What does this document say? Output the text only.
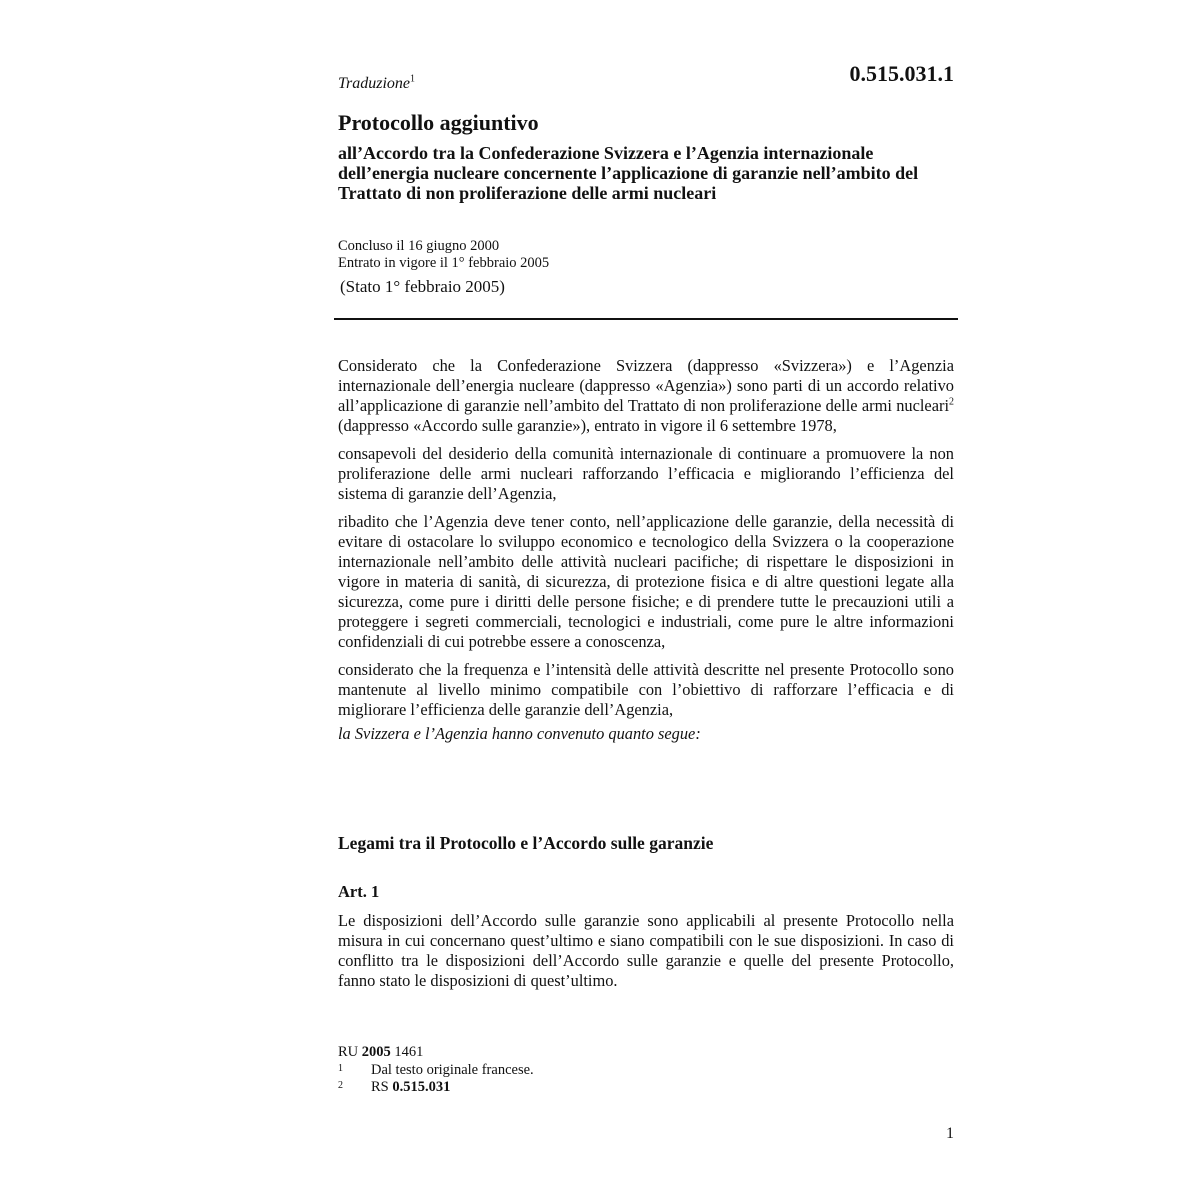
0.515.031.1
Traduzione$^1$
Protocollo aggiuntivo
all’Accordo tra la Confederazione Svizzera e l’Agenzia internazionale dell’energia nucleare concernente l’applicazione di garanzie nell’ambito del Trattato di non proliferazione delle armi nucleari
Concluso il 16 giugno 2000
Entrato in vigore il 1° febbraio 2005
(Stato 1° febbraio 2005)

Considerato che la Confederazione Svizzera (dappresso «Svizzera») e l’Agenzia internazionale dell’energia nucleare (dappresso «Agenzia») sono parti di un accordo relativo all’applicazione di garanzie nell’ambito del Trattato di non proliferazione delle armi nucleari$^2$ (dappresso «Accordo sulle garanzie»), entrato in vigore il 6 settembre 1978,

consapevoli del desiderio della comunità internazionale di continuare a promuovere la non proliferazione delle armi nucleari rafforzando l’efficacia e migliorando l’efficienza del sistema di garanzie dell’Agenzia,

ribadito che l’Agenzia deve tener conto, nell’applicazione delle garanzie, della necessità di evitare di ostacolare lo sviluppo economico e tecnologico della Svizzera o la cooperazione internazionale nell’ambito delle attività nucleari pacifiche; di rispettare le disposizioni in vigore in materia di sanità, di sicurezza, di protezione fisica e di altre questioni legate alla sicurezza, come pure i diritti delle persone fisiche; e di prendere tutte le precauzioni utili a proteggere i segreti commerciali, tecnologici e industriali, come pure le altre informazioni confidenziali di cui potrebbe essere a conoscenza,

considerato che la frequenza e l’intensità delle attività descritte nel presente Protocollo sono mantenute al livello minimo compatibile con l’obiettivo di rafforzare l’efficacia e di migliorare l’efficienza delle garanzie dell’Agenzia,

la Svizzera e l’Agenzia hanno convenuto quanto segue:

Legami tra il Protocollo e l’Accordo sulle garanzie
Art. 1

Le disposizioni dell’Accordo sulle garanzie sono applicabili al presente Protocollo nella misura in cui concernano quest’ultimo e siano compatibili con le sue disposizioni. In caso di conflitto tra le disposizioni dell’Accordo sulle garanzie e quelle del presente Protocollo, fanno stato le disposizioni di quest’ultimo.

RU 2005 1461
1	Dal testo originale francese.
2	RS 0.515.031
1
